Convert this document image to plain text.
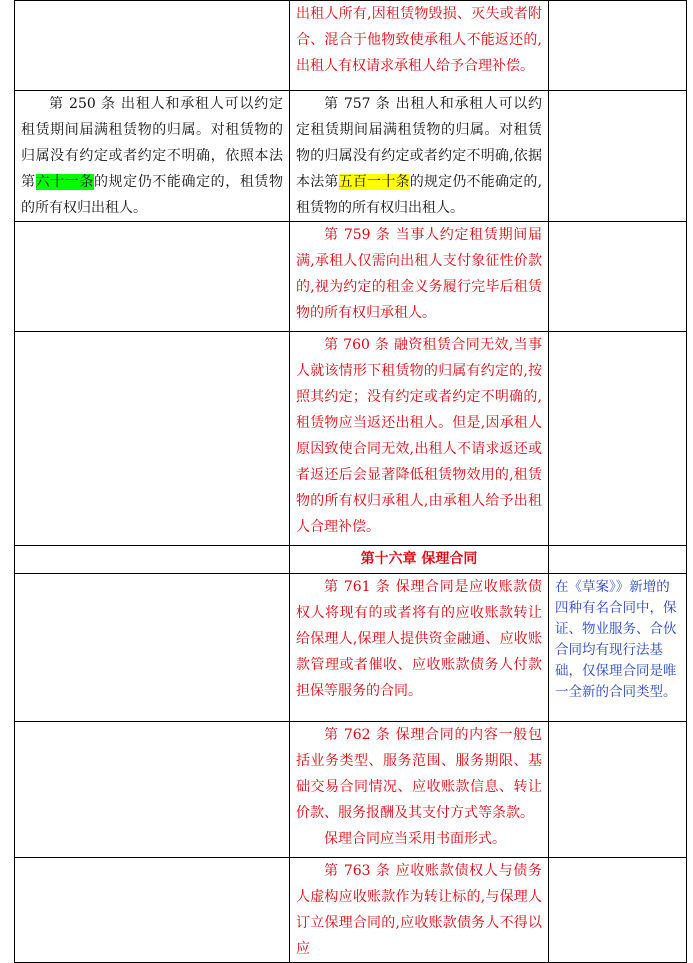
	出租人所有,因租赁物毁损、灭失或者附合、混合于他物致使承租人不能返还的,出租人有权请求承租人给予合理补偿。	

第 250 条 出租人和承租人可以约定租赁期间届满租赁物的归属。对租赁物的归属没有约定或者约定不明确，依照本法第六十一条的规定仍不能确定的，租赁物的所有权归出租人。	第 757 条 出租人和承租人可以约定租赁期间届满租赁物的归属。对租赁物的归属没有约定或者约定不明确,依据本法第五百一十条的规定仍不能确定的,租赁物的所有权归出租人。	

	第 759 条 当事人约定租赁期间届满,承租人仅需向出租人支付象征性价款的,视为约定的租金义务履行完毕后租赁物的所有权归承租人。	

	第 760 条 融资租赁合同无效,当事人就该情形下租赁物的归属有约定的,按照其约定；没有约定或者约定不明确的,租赁物应当返还出租人。但是,因承租人原因致使合同无效,出租人不请求返还或者返还后会显著降低租赁物效用的,租赁物的所有权归承租人,由承租人给予出租人合理补偿。	

	第十六章 保理合同	

	第 761 条 保理合同是应收账款债权人将现有的或者将有的应收账款转让给保理人,保理人提供资金融通、应收账款管理或者催收、应收账款债务人付款担保等服务的合同。	在《草案》》新增的四种有名合同中，保证、物业服务、合伙合同均有现行法基础，仅保理合同是唯一全新的合同类型。

	第 762 条 保理合同的内容一般包括业务类型、服务范围、服务期限、基础交易合同情况、应收账款信息、转让价款、服务报酬及其支付方式等条款。

保理合同应当采用书面形式。	

	第 763 条 应收账款债权人与债务人虚构应收账款作为转让标的,与保理人订立保理合同的,应收账款债务人不得以应	
